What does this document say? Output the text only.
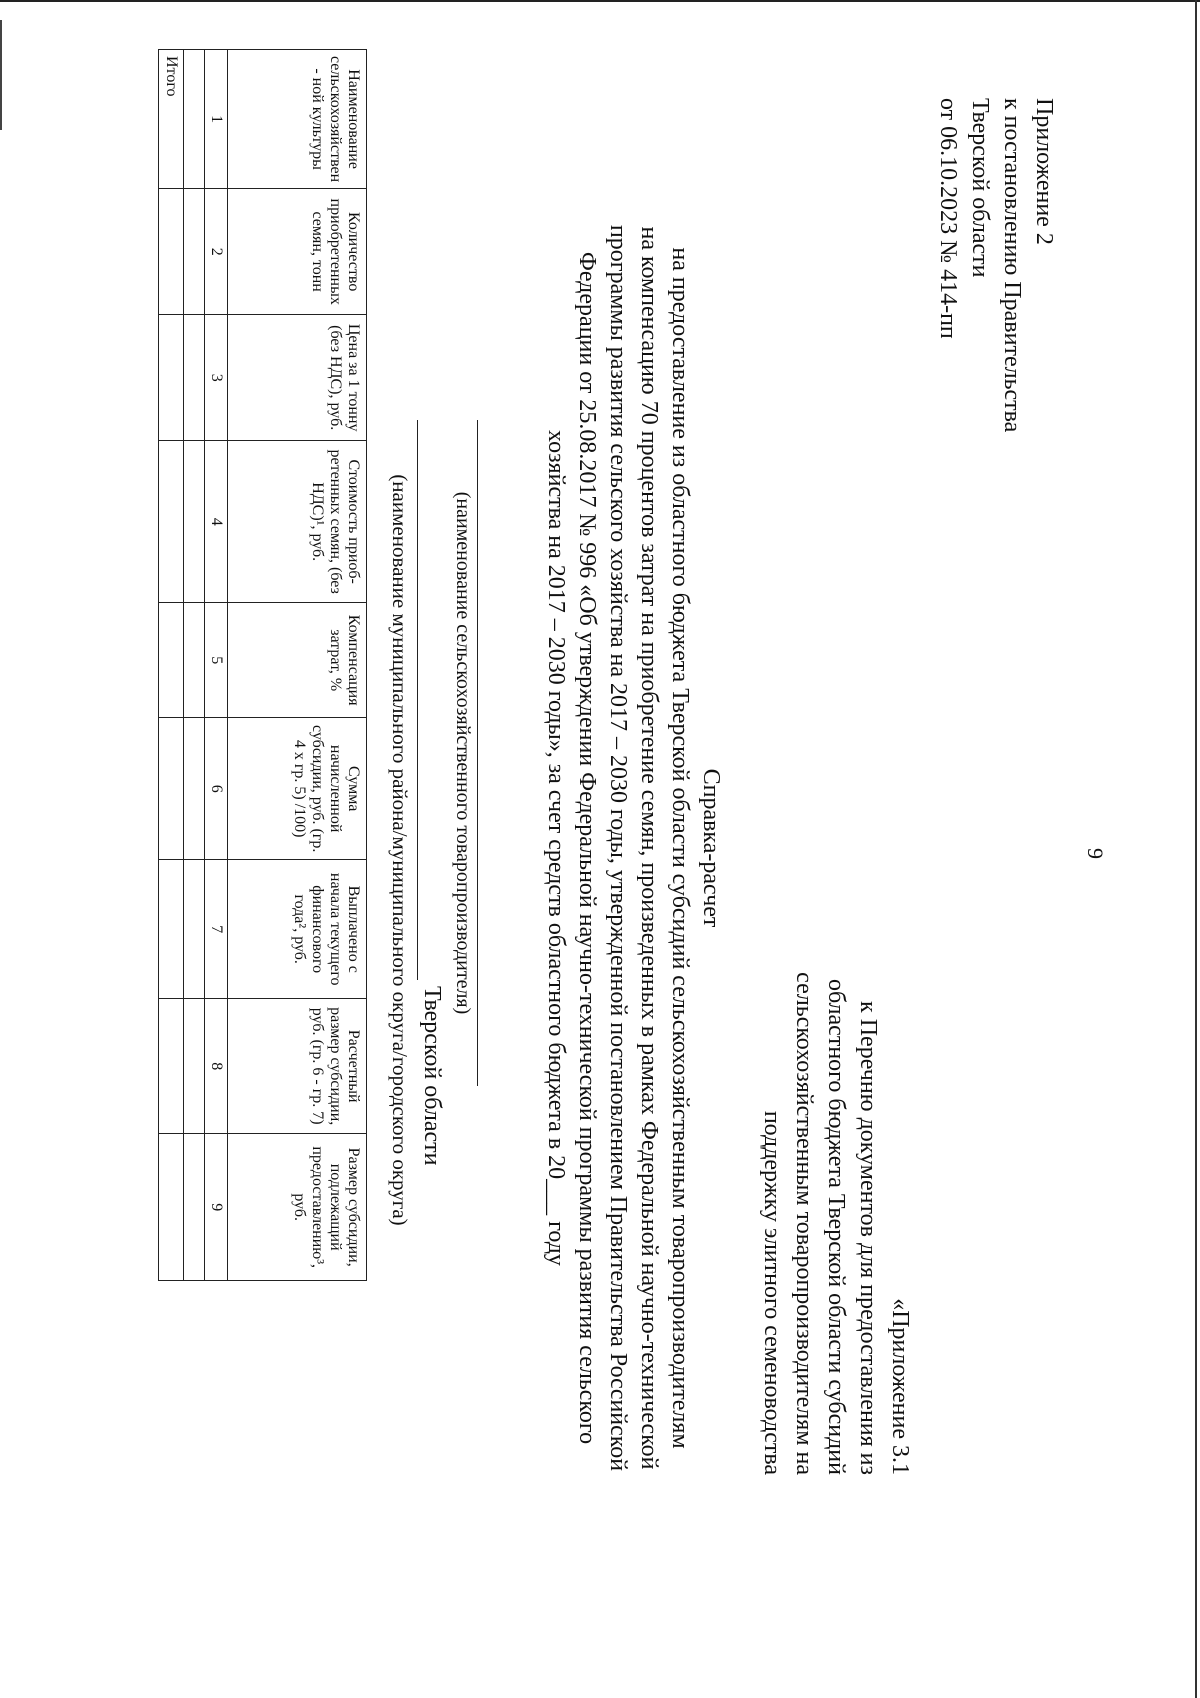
9
Приложение 2
к постановлению Правительства
Тверской области
от 06.10.2023 № 414-пп
«Приложение 3.1
к Перечню документов для предоставления из
областного бюджета Тверской области субсидий
сельскохозяйственным товаропроизводителям на
поддержку элитного семеноводства
Справка-расчет
на предоставление из областного бюджета Тверской области субсидий сельскохозяйственным товаропроизводителям
на компенсацию 70 процентов затрат на приобретение семян, произведенных в рамках Федеральной научно-технической
программы развития сельского хозяйства на 2017 – 2030 годы, утвержденной постановлением Правительства Российской
Федерации от 25.08.2017 № 996 «Об утверждении Федеральной научно-технической программы развития сельского
хозяйства на 2017 – 2030 годы», за счет средств областного бюджета в 20___ году
(наименование сельскохозяйственного товаропроизводителя)
Тверской области
(наименование муниципального района/муниципального округа/городского округа)
Наименование сельскохозяйствен - ной культуры	Количество приобретенных семян, тонн	Цена за 1 тонну (без НДС), руб.	Стоимость приоб- ретенных семян, (без НДС)¹, руб.	Компенсация затрат, %	Сумма начисленной субсидии, руб. (гр. 4 х гр. 5) /100)	Выплачено с начала текущего финансового года², руб.	Расчетный размер субсидии, руб. (гр. 6 - гр. 7)	Размер субсидии, подлежащий предоставлению³, руб.
1	2	3	4	5	6	7	8	9

Итого								
